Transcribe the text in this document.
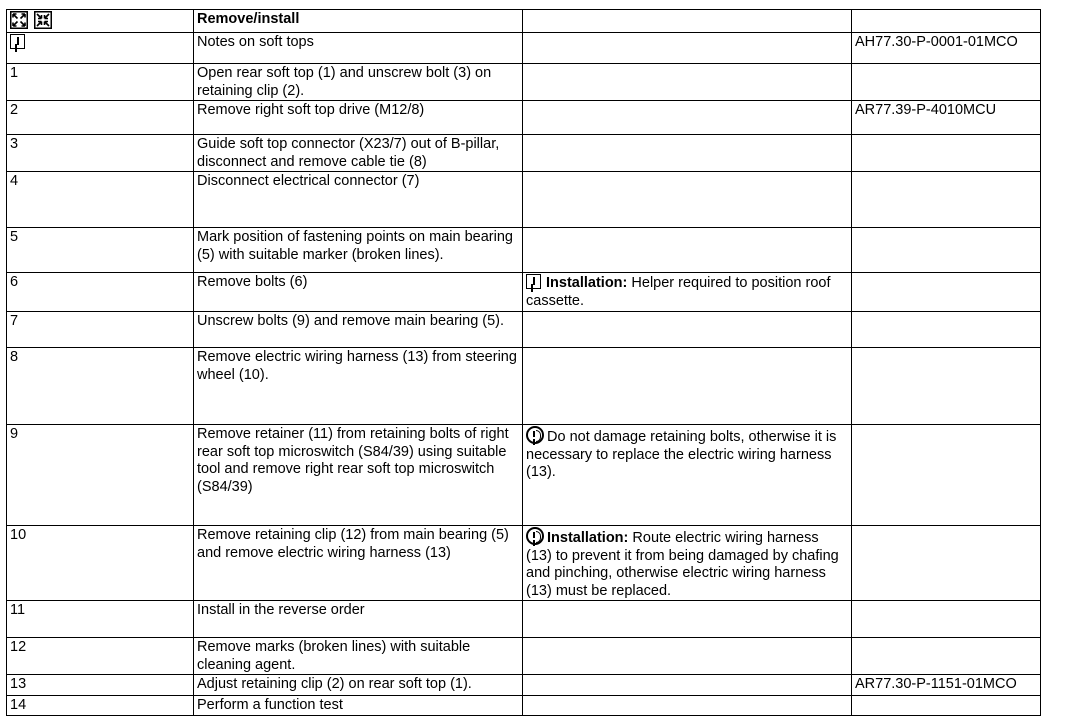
	Remove/install		
	Notes on soft tops		AH77.30-P-0001-01MCO
1	Open rear soft top (1) and unscrew bolt (3) on retaining clip (2).		
2	Remove right soft top drive (M12/8)		AR77.39-P-4010MCU
3	Guide soft top connector (X23/7) out of B-pillar, disconnect and remove cable tie (8)		
4	Disconnect electrical connector (7)		
5	Mark position of fastening points on main bearing (5) with suitable marker (broken lines).		
6	Remove bolts (6)	Installation: Helper required to position roof cassette.	
7	Unscrew bolts (9) and remove main bearing (5).		
8	Remove electric wiring harness (13) from steering wheel (10).		
9	Remove retainer (11) from retaining bolts of right rear soft top microswitch (S84/39) using suitable tool and remove right rear soft top microswitch (S84/39)	Do not damage retaining bolts, otherwise it is necessary to replace the electric wiring harness (13).	
10	Remove retaining clip (12) from main bearing (5) and remove electric wiring harness (13)	Installation: Route electric wiring harness (13) to prevent it from being damaged by chafing and pinching, otherwise electric wiring harness (13) must be replaced.	
11	Install in the reverse order		
12	Remove marks (broken lines) with suitable cleaning agent.		
13	Adjust retaining clip (2) on rear soft top (1).		AR77.30-P-1151-01MCO
14	Perform a function test		
